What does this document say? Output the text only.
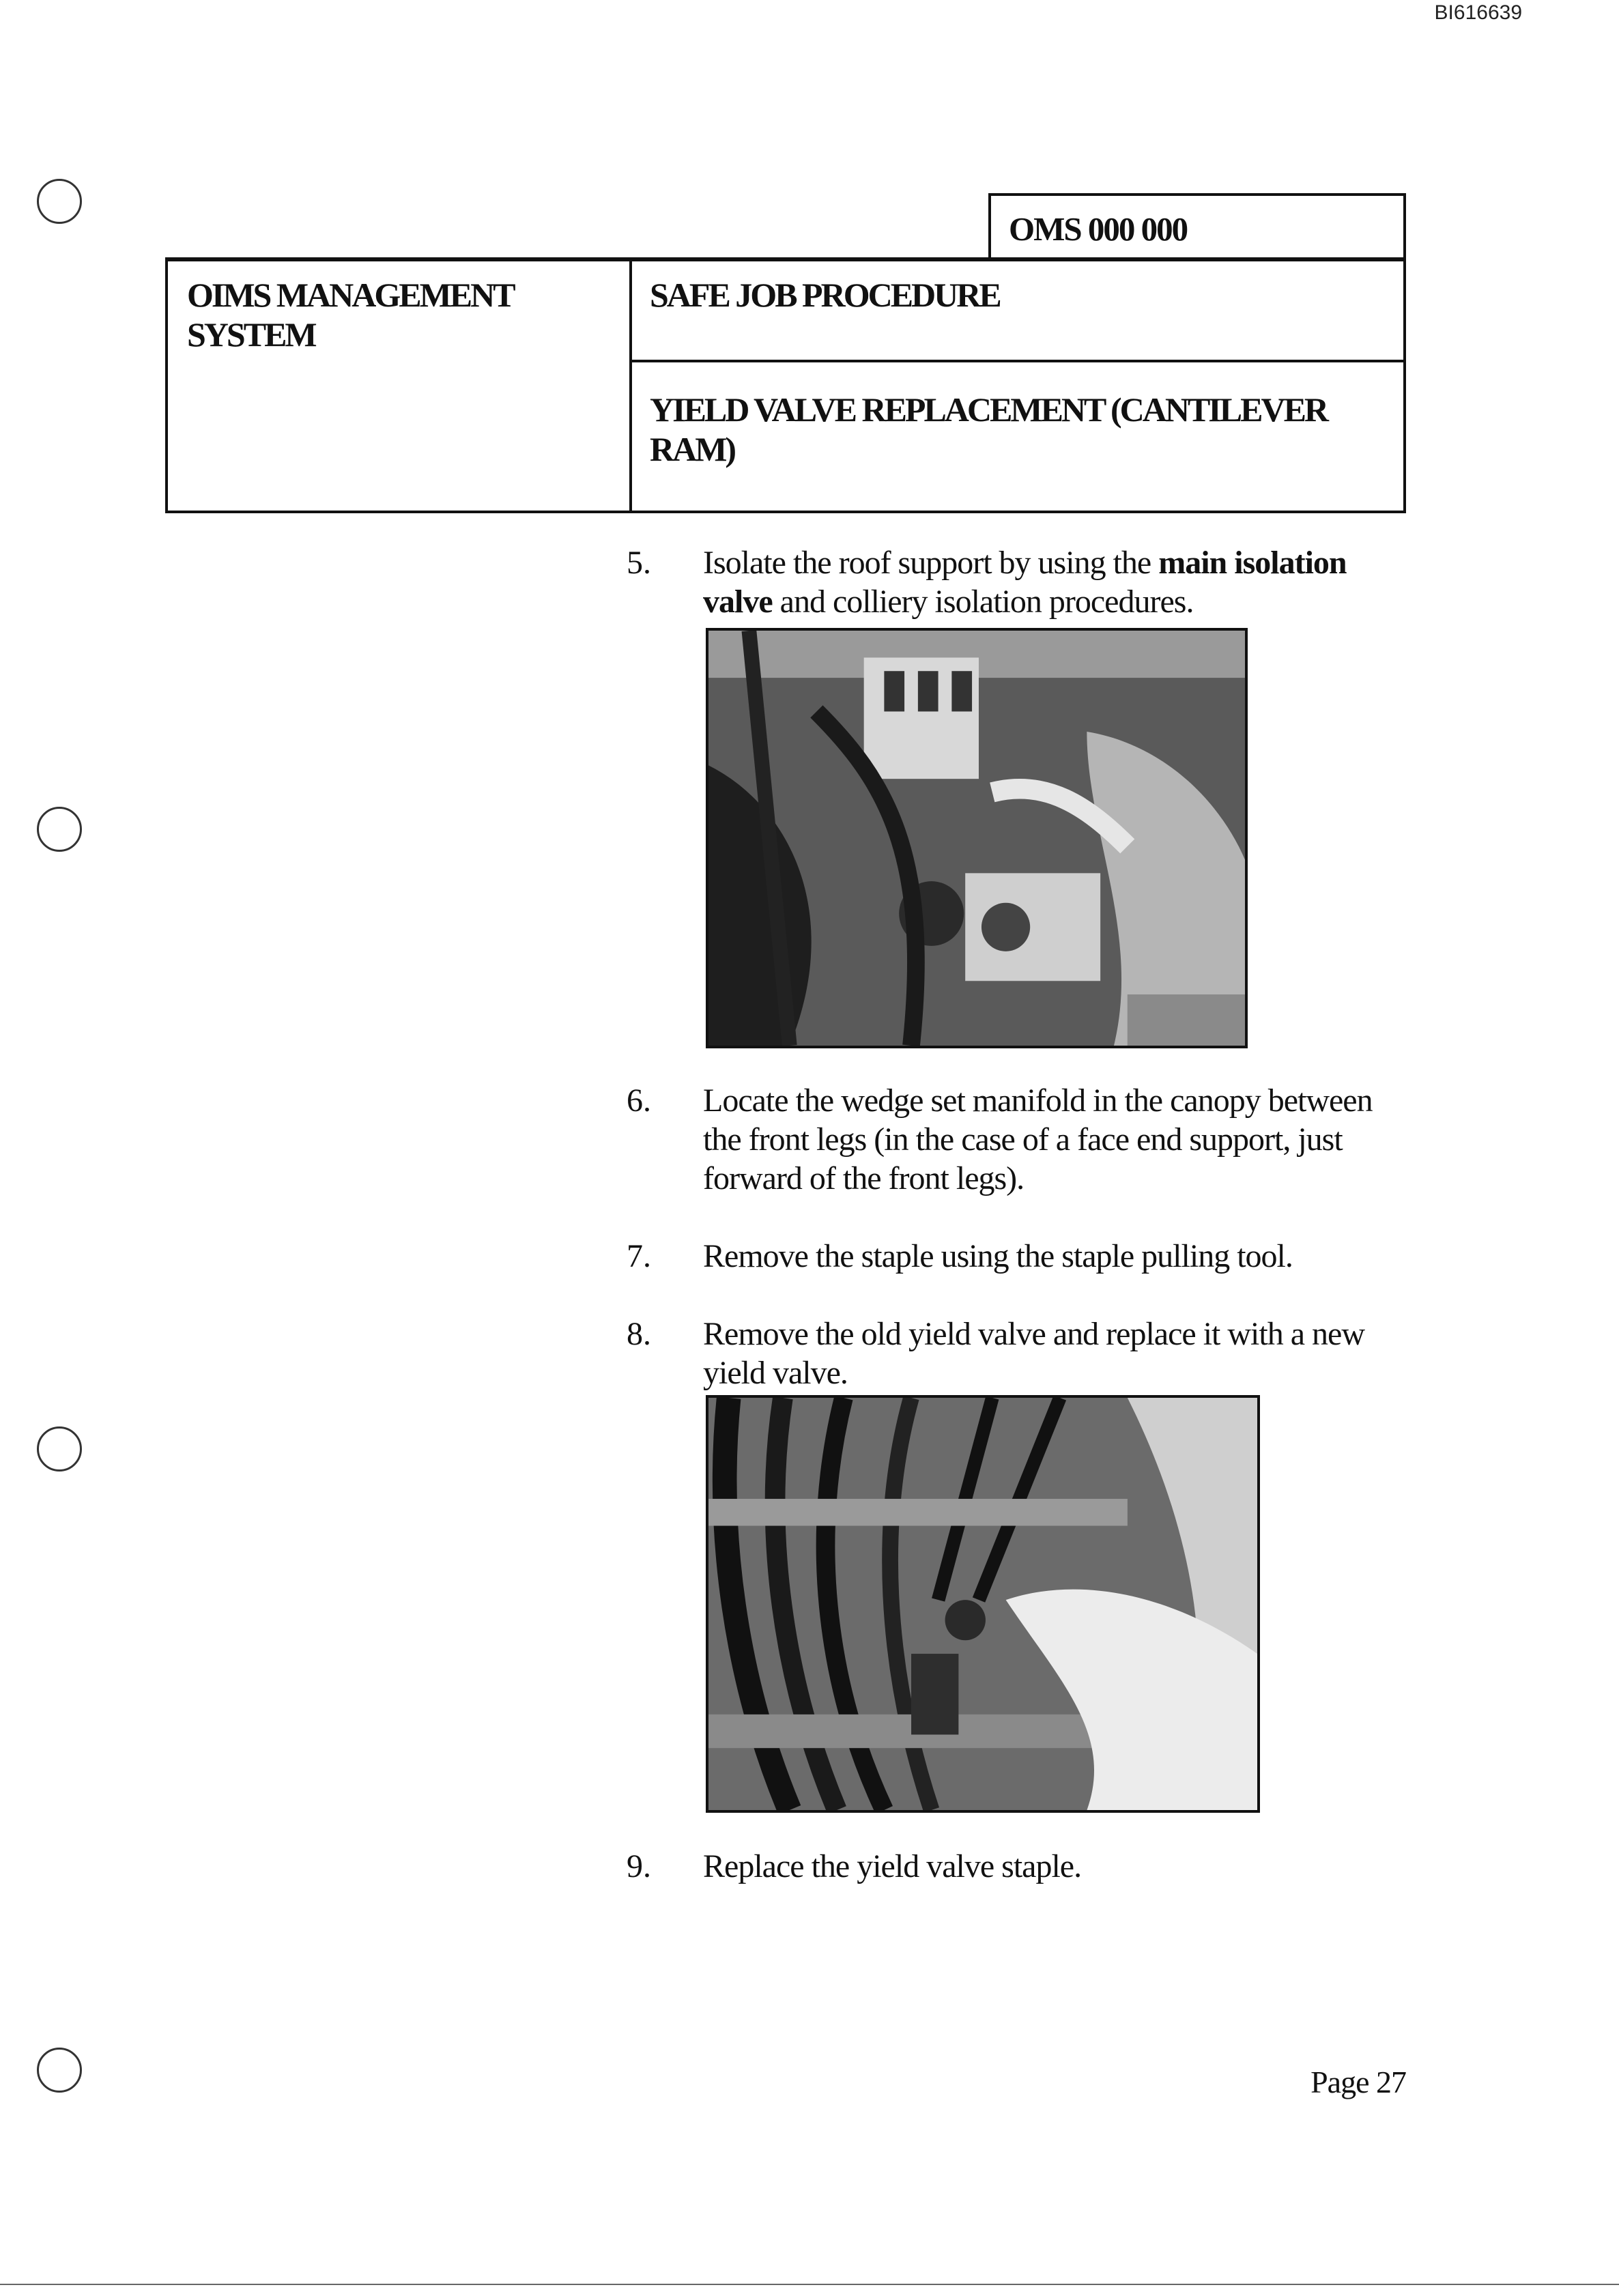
BI616639
OMS 000 000
OIMS MANAGEMENT SYSTEM
SAFE JOB PROCEDURE
YIELD VALVE REPLACEMENT (CANTILEVER RAM)
5. Isolate the roof support by using the main isolation valve and colliery isolation procedures.
6. Locate the wedge set manifold in the canopy between the front legs (in the case of a face end support, just forward of the front legs).
7. Remove the staple using the staple pulling tool.
8. Remove the old yield valve and replace it with a new yield valve.
9. Replace the yield valve staple.
Page 27
